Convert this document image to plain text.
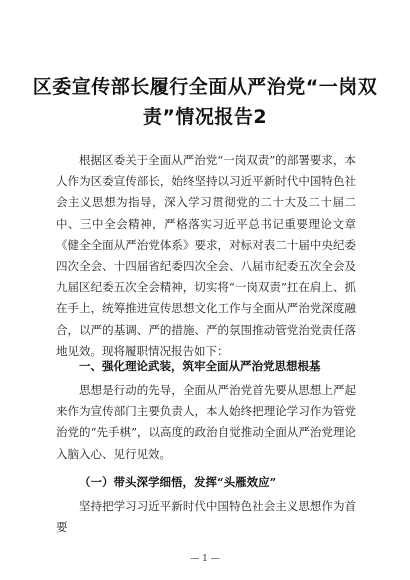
区委宣传部长履行全面从严治党“一岗双
责”情况报告2

根据区委关于全面从严治党“一岗双责”的部署要求，本人作为区委宣传部长，始终坚持以习近平新时代中国特色社会主义思想为指导，深入学习贯彻党的二十大及二十届二中、三中全会精神，严格落实习近平总书记重要理论文章《健全全面从严治党体系》要求，对标对表二十届中央纪委四次全会、十四届省纪委四次全会、八届市纪委五次全会及九届区纪委五次全会精神，切实将“一岗双责”扛在肩上、抓在手上，统筹推进宣传思想文化工作与全面从严治党深度融合，以严的基调、严的措施、严的氛围推动管党治党责任落地见效。现将履职情况报告如下：

一、强化理论武装，筑牢全面从严治党思想根基

思想是行动的先导，全面从严治党首先要从思想上严起来作为宣传部门主要负责人，本人始终把理论学习作为管党治党的“先手棋”，以高度的政治自觉推动全面从严治党理论入脑入心、见行见效。

（一）带头深学细悟，发挥“头雁效应”

坚持把学习习近平新时代中国特色社会主义思想作为首要

— 1 —
